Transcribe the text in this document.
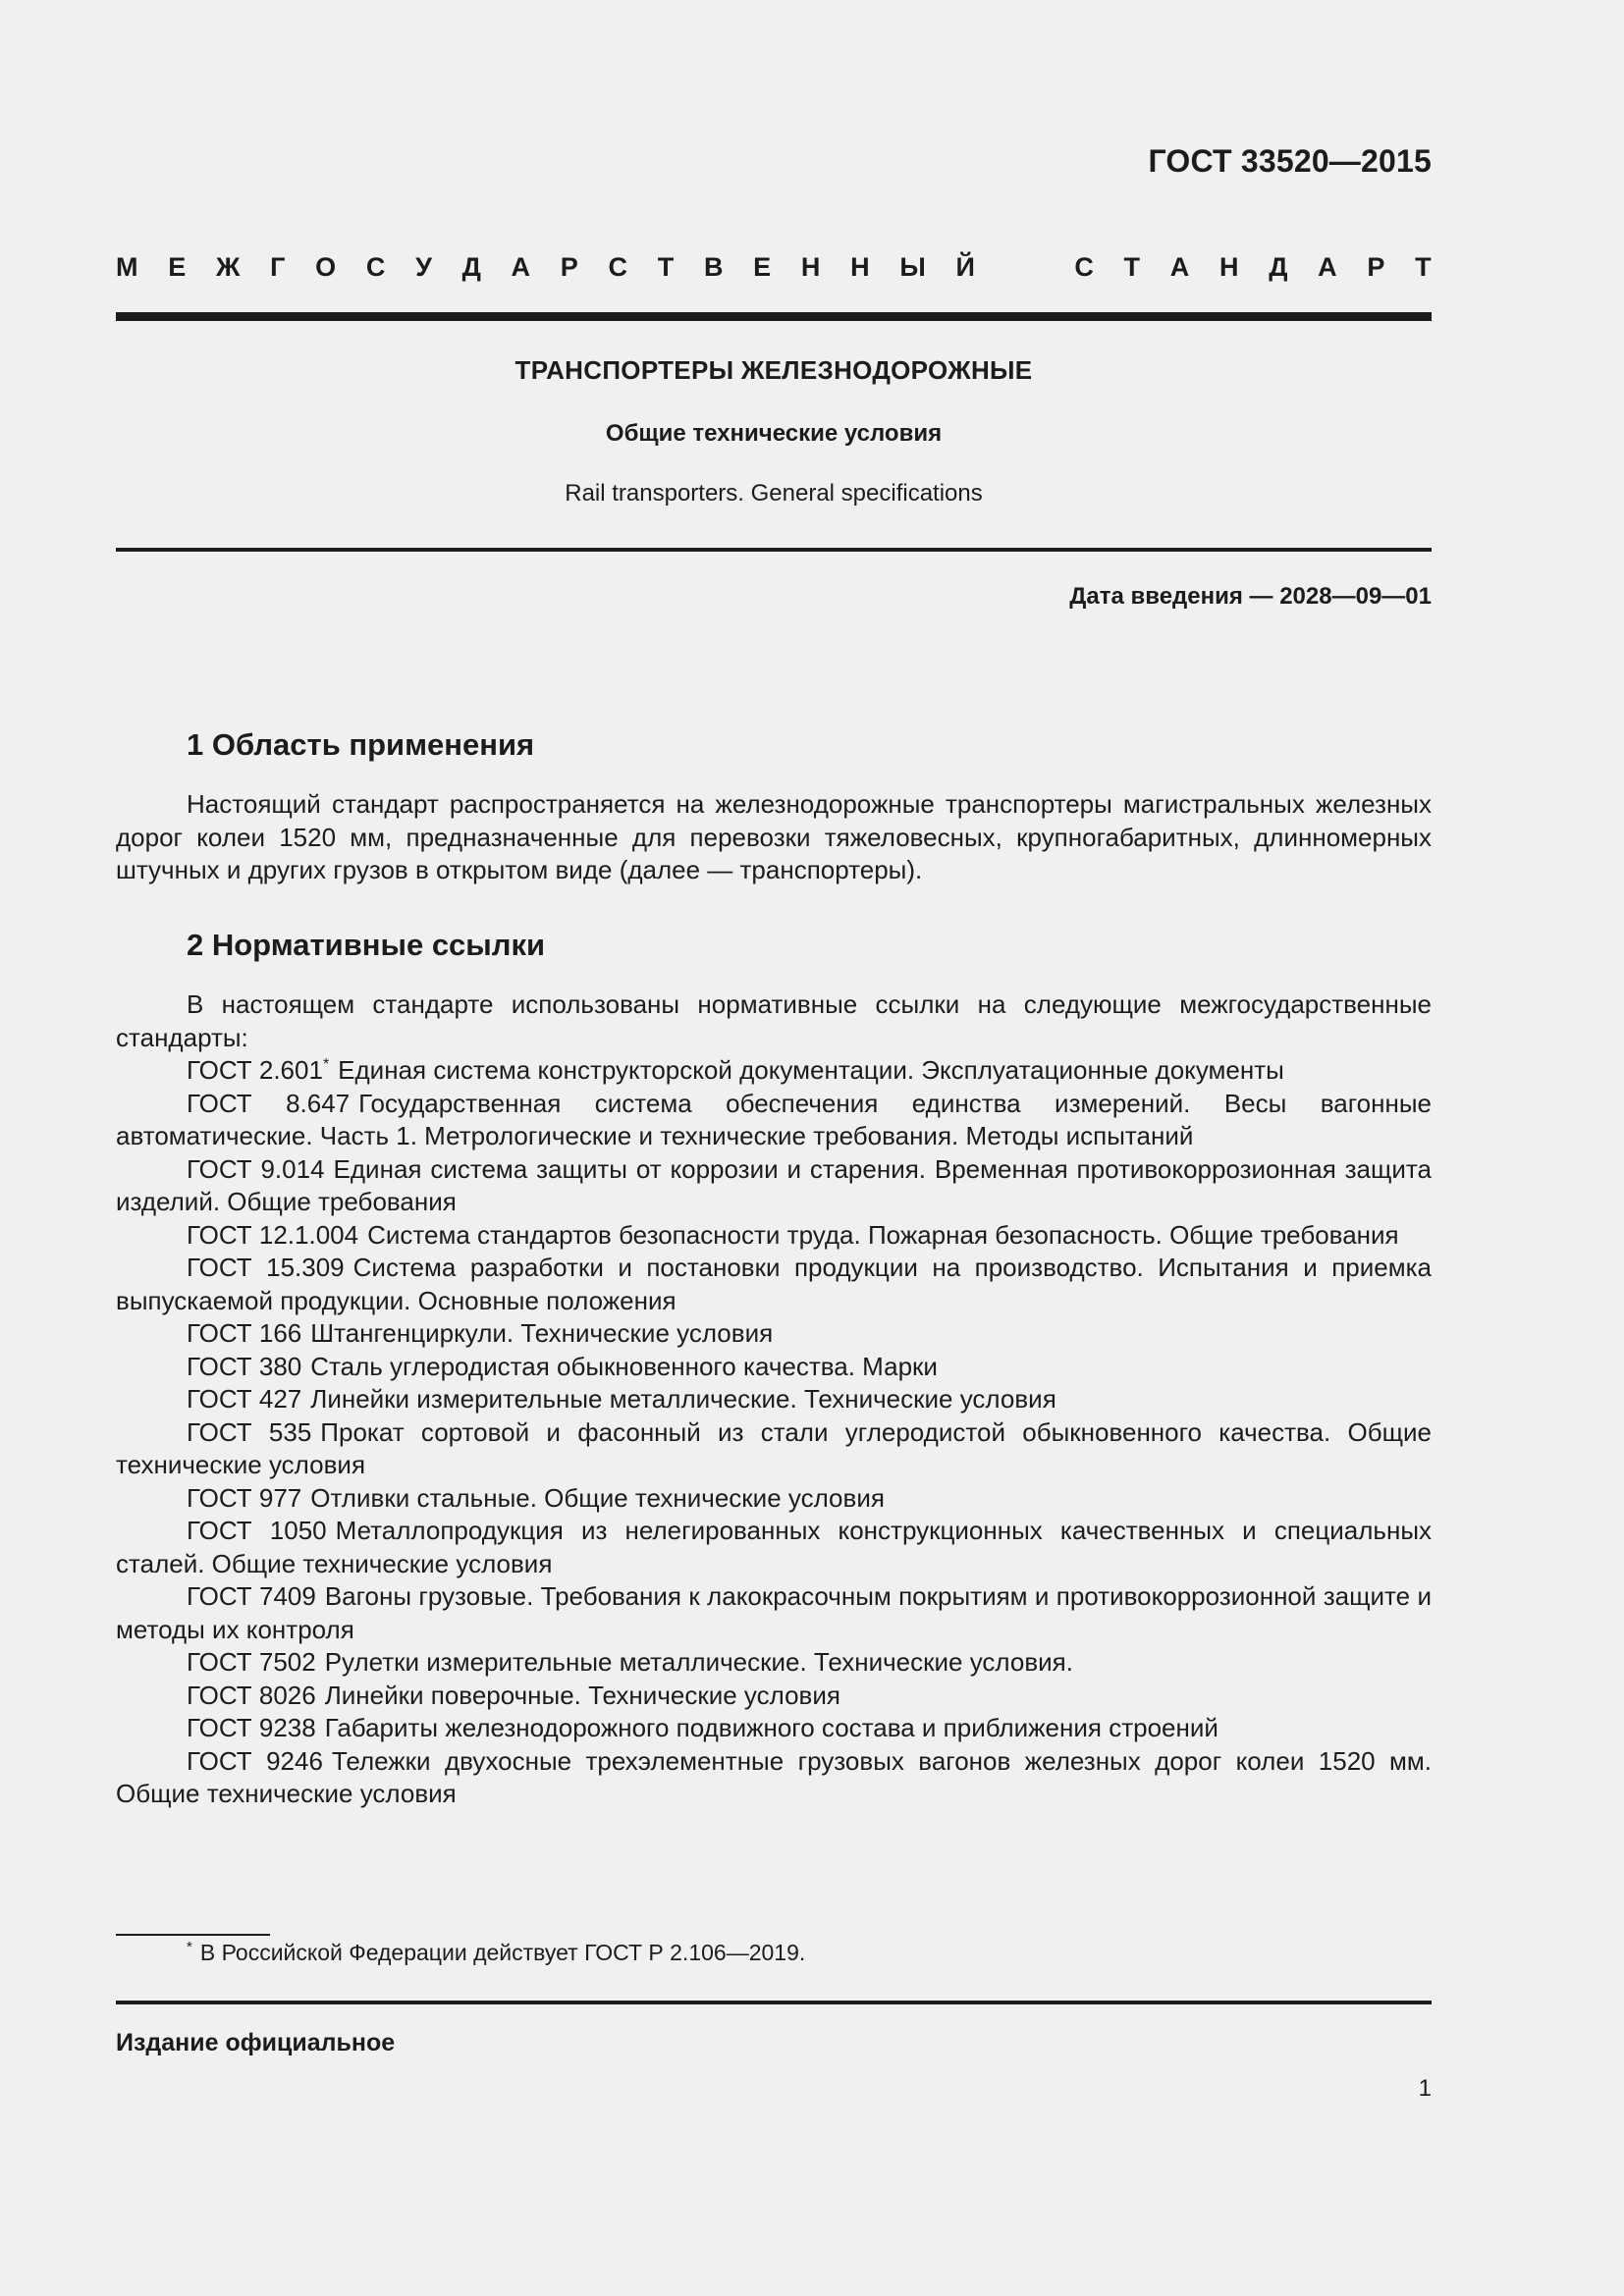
ГОСТ 33520—2015
М Е Ж Г О С У Д А Р С Т В Е Н Н Ы Й	С Т А Н Д А Р Т
ТРАНСПОРТЕРЫ ЖЕЛЕЗНОДОРОЖНЫЕ
Общие технические условия
Rail transporters. General specifications
Дата введения — 2028—09—01
1 Область применения

Настоящий стандарт распространяется на железнодорожные транспортеры магистральных железных дорог колеи 1520 мм, предназначенные для перевозки тяжеловесных, крупногабаритных, длинномерных штучных и других грузов в открытом виде (далее — транспортеры).

2 Нормативные ссылки

В настоящем стандарте использованы нормативные ссылки на следующие межгосударственные стандарты:

ГОСТ 2.601* Единая система конструкторской документации. Эксплуатационные документы

ГОСТ 8.647 Государственная система обеспечения единства измерений. Весы вагонные автоматические. Часть 1. Метрологические и технические требования. Методы испытаний

ГОСТ 9.014 Единая система защиты от коррозии и старения. Временная противокоррозионная защита изделий. Общие требования

ГОСТ 12.1.004 Система стандартов безопасности труда. Пожарная безопасность. Общие требования

ГОСТ 15.309 Система разработки и постановки продукции на производство. Испытания и приемка выпускаемой продукции. Основные положения

ГОСТ 166 Штангенциркули. Технические условия

ГОСТ 380 Сталь углеродистая обыкновенного качества. Марки

ГОСТ 427 Линейки измерительные металлические. Технические условия

ГОСТ 535 Прокат сортовой и фасонный из стали углеродистой обыкновенного качества. Общие технические условия

ГОСТ 977 Отливки стальные. Общие технические условия

ГОСТ 1050 Металлопродукция из нелегированных конструкционных качественных и специальных сталей. Общие технические условия

ГОСТ 7409 Вагоны грузовые. Требования к лакокрасочным покрытиям и противокоррозионной защите и методы их контроля

ГОСТ 7502 Рулетки измерительные металлические. Технические условия.

ГОСТ 8026 Линейки поверочные. Технические условия

ГОСТ 9238 Габариты железнодорожного подвижного состава и приближения строений

ГОСТ 9246 Тележки двухосные трехэлементные грузовых вагонов железных дорог колеи 1520 мм. Общие технические условия

* В Российской Федерации действует ГОСТ Р 2.106—2019.
Издание официальное
1
